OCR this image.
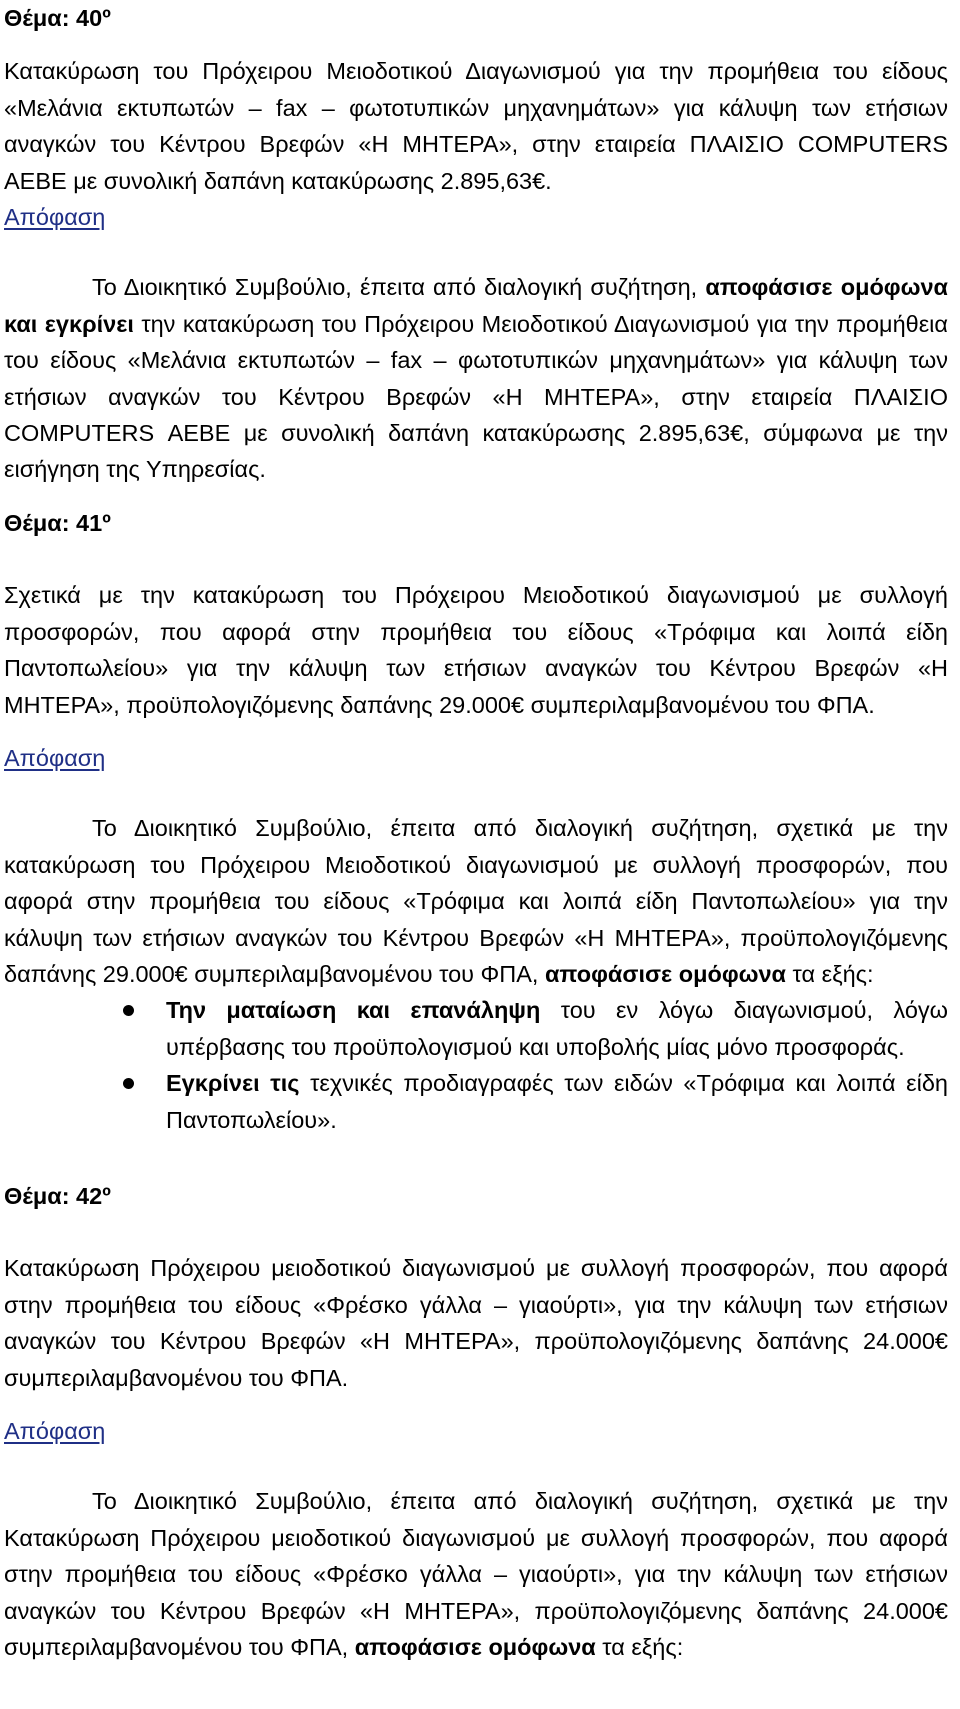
Θέμα: 40º

Κατακύρωση του Πρόχειρου Μειοδοτικού Διαγωνισμού για την προμήθεια του είδους «Μελάνια εκτυπωτών – fax – φωτοτυπικών μηχανημάτων» για κάλυψη των ετήσιων αναγκών του Κέντρου Βρεφών «Η ΜΗΤΕΡΑ», στην εταιρεία ΠΛΑΙΣΙΟ COMPUTERS ΑΕΒΕ με συνολική δαπάνη κατακύρωσης 2.895,63€.

Απόφαση

Το Διοικητικό Συμβούλιο, έπειτα από διαλογική συζήτηση, αποφάσισε ομόφωνα και εγκρίνει την κατακύρωση του Πρόχειρου Μειοδοτικού Διαγωνισμού για την προμήθεια του είδους «Μελάνια εκτυπωτών – fax – φωτοτυπικών μηχανημάτων» για κάλυψη των ετήσιων αναγκών του Κέντρου Βρεφών «Η ΜΗΤΕΡΑ», στην εταιρεία ΠΛΑΙΣΙΟ COMPUTERS ΑΕΒΕ με συνολική δαπάνη κατακύρωσης 2.895,63€, σύμφωνα με την εισήγηση της Υπηρεσίας.

Θέμα: 41º

Σχετικά με την κατακύρωση του Πρόχειρου Μειοδοτικού διαγωνισμού με συλλογή προσφορών, που αφορά στην προμήθεια του είδους «Τρόφιμα και λοιπά είδη Παντοπωλείου» για την κάλυψη των ετήσιων αναγκών του Κέντρου Βρεφών «Η ΜΗΤΕΡΑ», προϋπολογιζόμενης δαπάνης 29.000€ συμπεριλαμβανομένου του ΦΠΑ.

Απόφαση

Το Διοικητικό Συμβούλιο, έπειτα από διαλογική συζήτηση, σχετικά με την κατακύρωση του Πρόχειρου Μειοδοτικού διαγωνισμού με συλλογή προσφορών, που αφορά στην προμήθεια του είδους «Τρόφιμα και λοιπά είδη Παντοπωλείου» για την κάλυψη των ετήσιων αναγκών του Κέντρου Βρεφών «Η ΜΗΤΕΡΑ», προϋπολογιζόμενης δαπάνης 29.000€ συμπεριλαμβανομένου του ΦΠΑ, αποφάσισε ομόφωνα τα εξής:

Την ματαίωση και επανάληψη του εν λόγω διαγωνισμού, λόγω υπέρβασης του προϋπολογισμού και υποβολής μίας μόνο προσφοράς.
Εγκρίνει τις τεχνικές προδιαγραφές των ειδών «Τρόφιμα και λοιπά είδη Παντοπωλείου».

Θέμα: 42º

Κατακύρωση Πρόχειρου μειοδοτικού διαγωνισμού με συλλογή προσφορών, που αφορά στην προμήθεια του είδους «Φρέσκο γάλλα – γιαούρτι», για την κάλυψη των ετήσιων αναγκών του Κέντρου Βρεφών «Η ΜΗΤΕΡΑ», προϋπολογιζόμενης δαπάνης 24.000€ συμπεριλαμβανομένου του ΦΠΑ.

Απόφαση

Το Διοικητικό Συμβούλιο, έπειτα από διαλογική συζήτηση, σχετικά με την Κατακύρωση Πρόχειρου μειοδοτικού διαγωνισμού με συλλογή προσφορών, που αφορά στην προμήθεια του είδους «Φρέσκο γάλλα – γιαούρτι», για την κάλυψη των ετήσιων αναγκών του Κέντρου Βρεφών «Η ΜΗΤΕΡΑ», προϋπολογιζόμενης δαπάνης 24.000€ συμπεριλαμβανομένου του ΦΠΑ, αποφάσισε ομόφωνα τα εξής:
